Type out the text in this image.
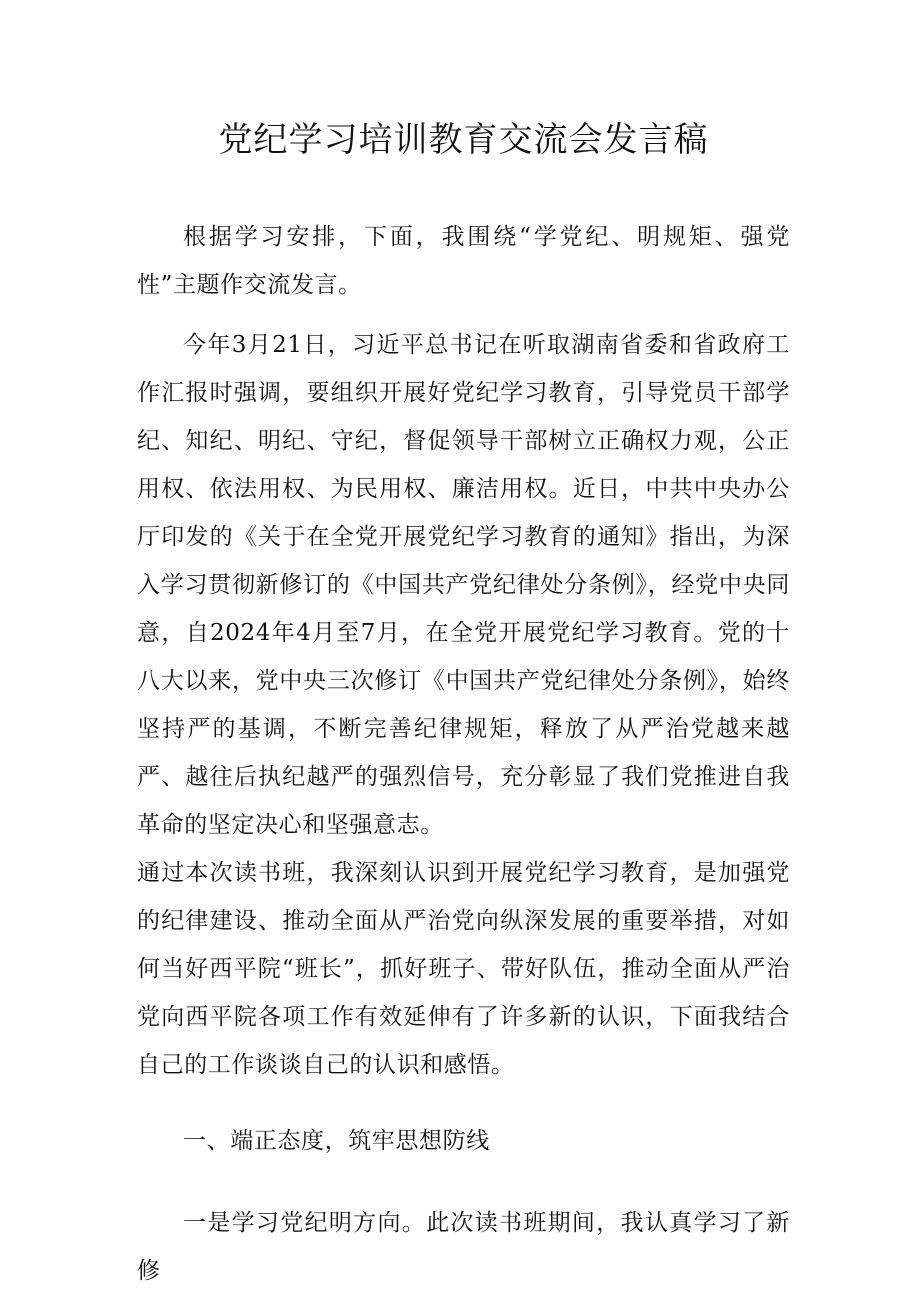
党纪学习培训教育交流会发言稿

根据学习安排，下面，我围绕“学党纪、明规矩、强党性”主题作交流发言。

今年3月21日，习近平总书记在听取湖南省委和省政府工作汇报时强调，要组织开展好党纪学习教育，引导党员干部学纪、知纪、明纪、守纪，督促领导干部树立正确权力观，公正用权、依法用权、为民用权、廉洁用权。近日，中共中央办公厅印发的《关于在全党开展党纪学习教育的通知》指出，为深入学习贯彻新修订的《中国共产党纪律处分条例》，经党中央同意，自2024年4月至7月，在全党开展党纪学习教育。党的十八大以来，党中央三次修订《中国共产党纪律处分条例》，始终坚持严的基调，不断完善纪律规矩，释放了从严治党越来越严、越往后执纪越严的强烈信号，充分彰显了我们党推进自我革命的坚定决心和坚强意志。

通过本次读书班，我深刻认识到开展党纪学习教育，是加强党的纪律建设、推动全面从严治党向纵深发展的重要举措，对如何当好西平院“班长”，抓好班子、带好队伍，推动全面从严治党向西平院各项工作有效延伸有了许多新的认识，下面我结合自己的工作谈谈自己的认识和感悟。

一、端正态度，筑牢思想防线

一是学习党纪明方向。此次读书班期间，我认真学习了新修
